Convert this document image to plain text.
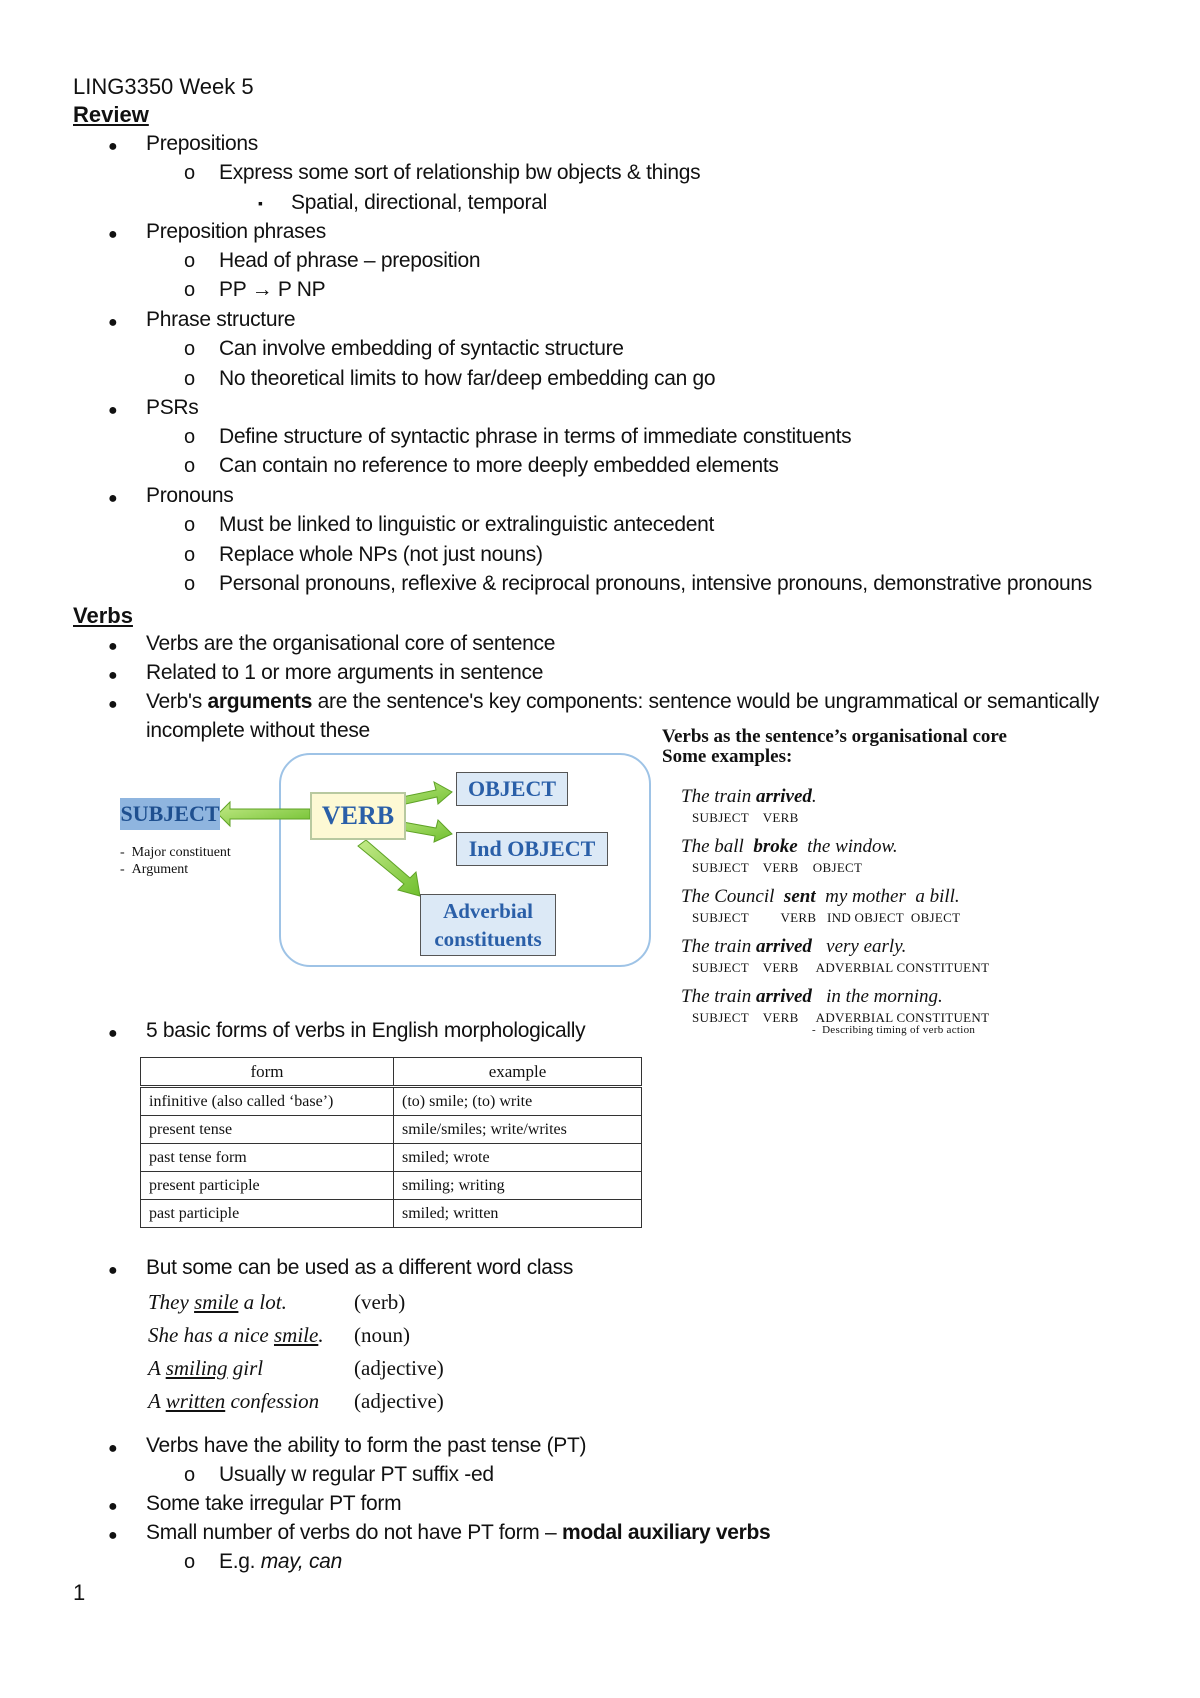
LING3350 Week 5
Review
● Prepositions
o Express some sort of relationship bw objects & things
▪ Spatial, directional, temporal
● Preposition phrases
o Head of phrase – preposition
o PP → P NP
● Phrase structure
o Can involve embedding of syntactic structure
o No theoretical limits to how far/deep embedding can go
● PSRs
o Define structure of syntactic phrase in terms of immediate constituents
o Can contain no reference to more deeply embedded elements
● Pronouns
o Must be linked to linguistic or extralinguistic antecedent
o Replace whole NPs (not just nouns)
o Personal pronouns, reflexive & reciprocal pronouns, intensive pronouns, demonstrative pronouns
Verbs
● Verbs are the organisational core of sentence
● Related to 1 or more arguments in sentence
● Verb's arguments are the sentence's key components: sentence would be ungrammatical or semantically
incomplete without these
SUBJECT	VERB
OBJECT
Ind OBJECT
Adverbial
constituents
-  Major constituent
-  Argument
Verbs as the sentence’s organisational core
Some examples:
The train arrived.
SUBJECT    VERB
The ball  broke  the window.
SUBJECT    VERB    OBJECT
The Council  sent  my mother  a bill.
SUBJECT         VERB   IND OBJECT  OBJECT
The train arrived   very early.
SUBJECT    VERB     ADVERBIAL CONSTITUENT
The train arrived   in the morning.
SUBJECT    VERB     ADVERBIAL CONSTITUENT
-  Describing timing of verb action
● 5 basic forms of verbs in English morphologically
form	example
infinitive (also called ‘base’)	(to) smile; (to) write
present tense	smile/smiles; write/writes
past tense form	smiled; wrote
present participle	smiling; writing
past participle	smiled; written
● But some can be used as a different word class
They smile a lot.	(verb)
She has a nice smile. (noun)
A smiling girl	(adjective)
A written confession (adjective)
● Verbs have the ability to form the past tense (PT)
o Usually w regular PT suffix -ed
● Some take irregular PT form
● Small number of verbs do not have PT form – modal auxiliary verbs
o E.g. may, can
1
